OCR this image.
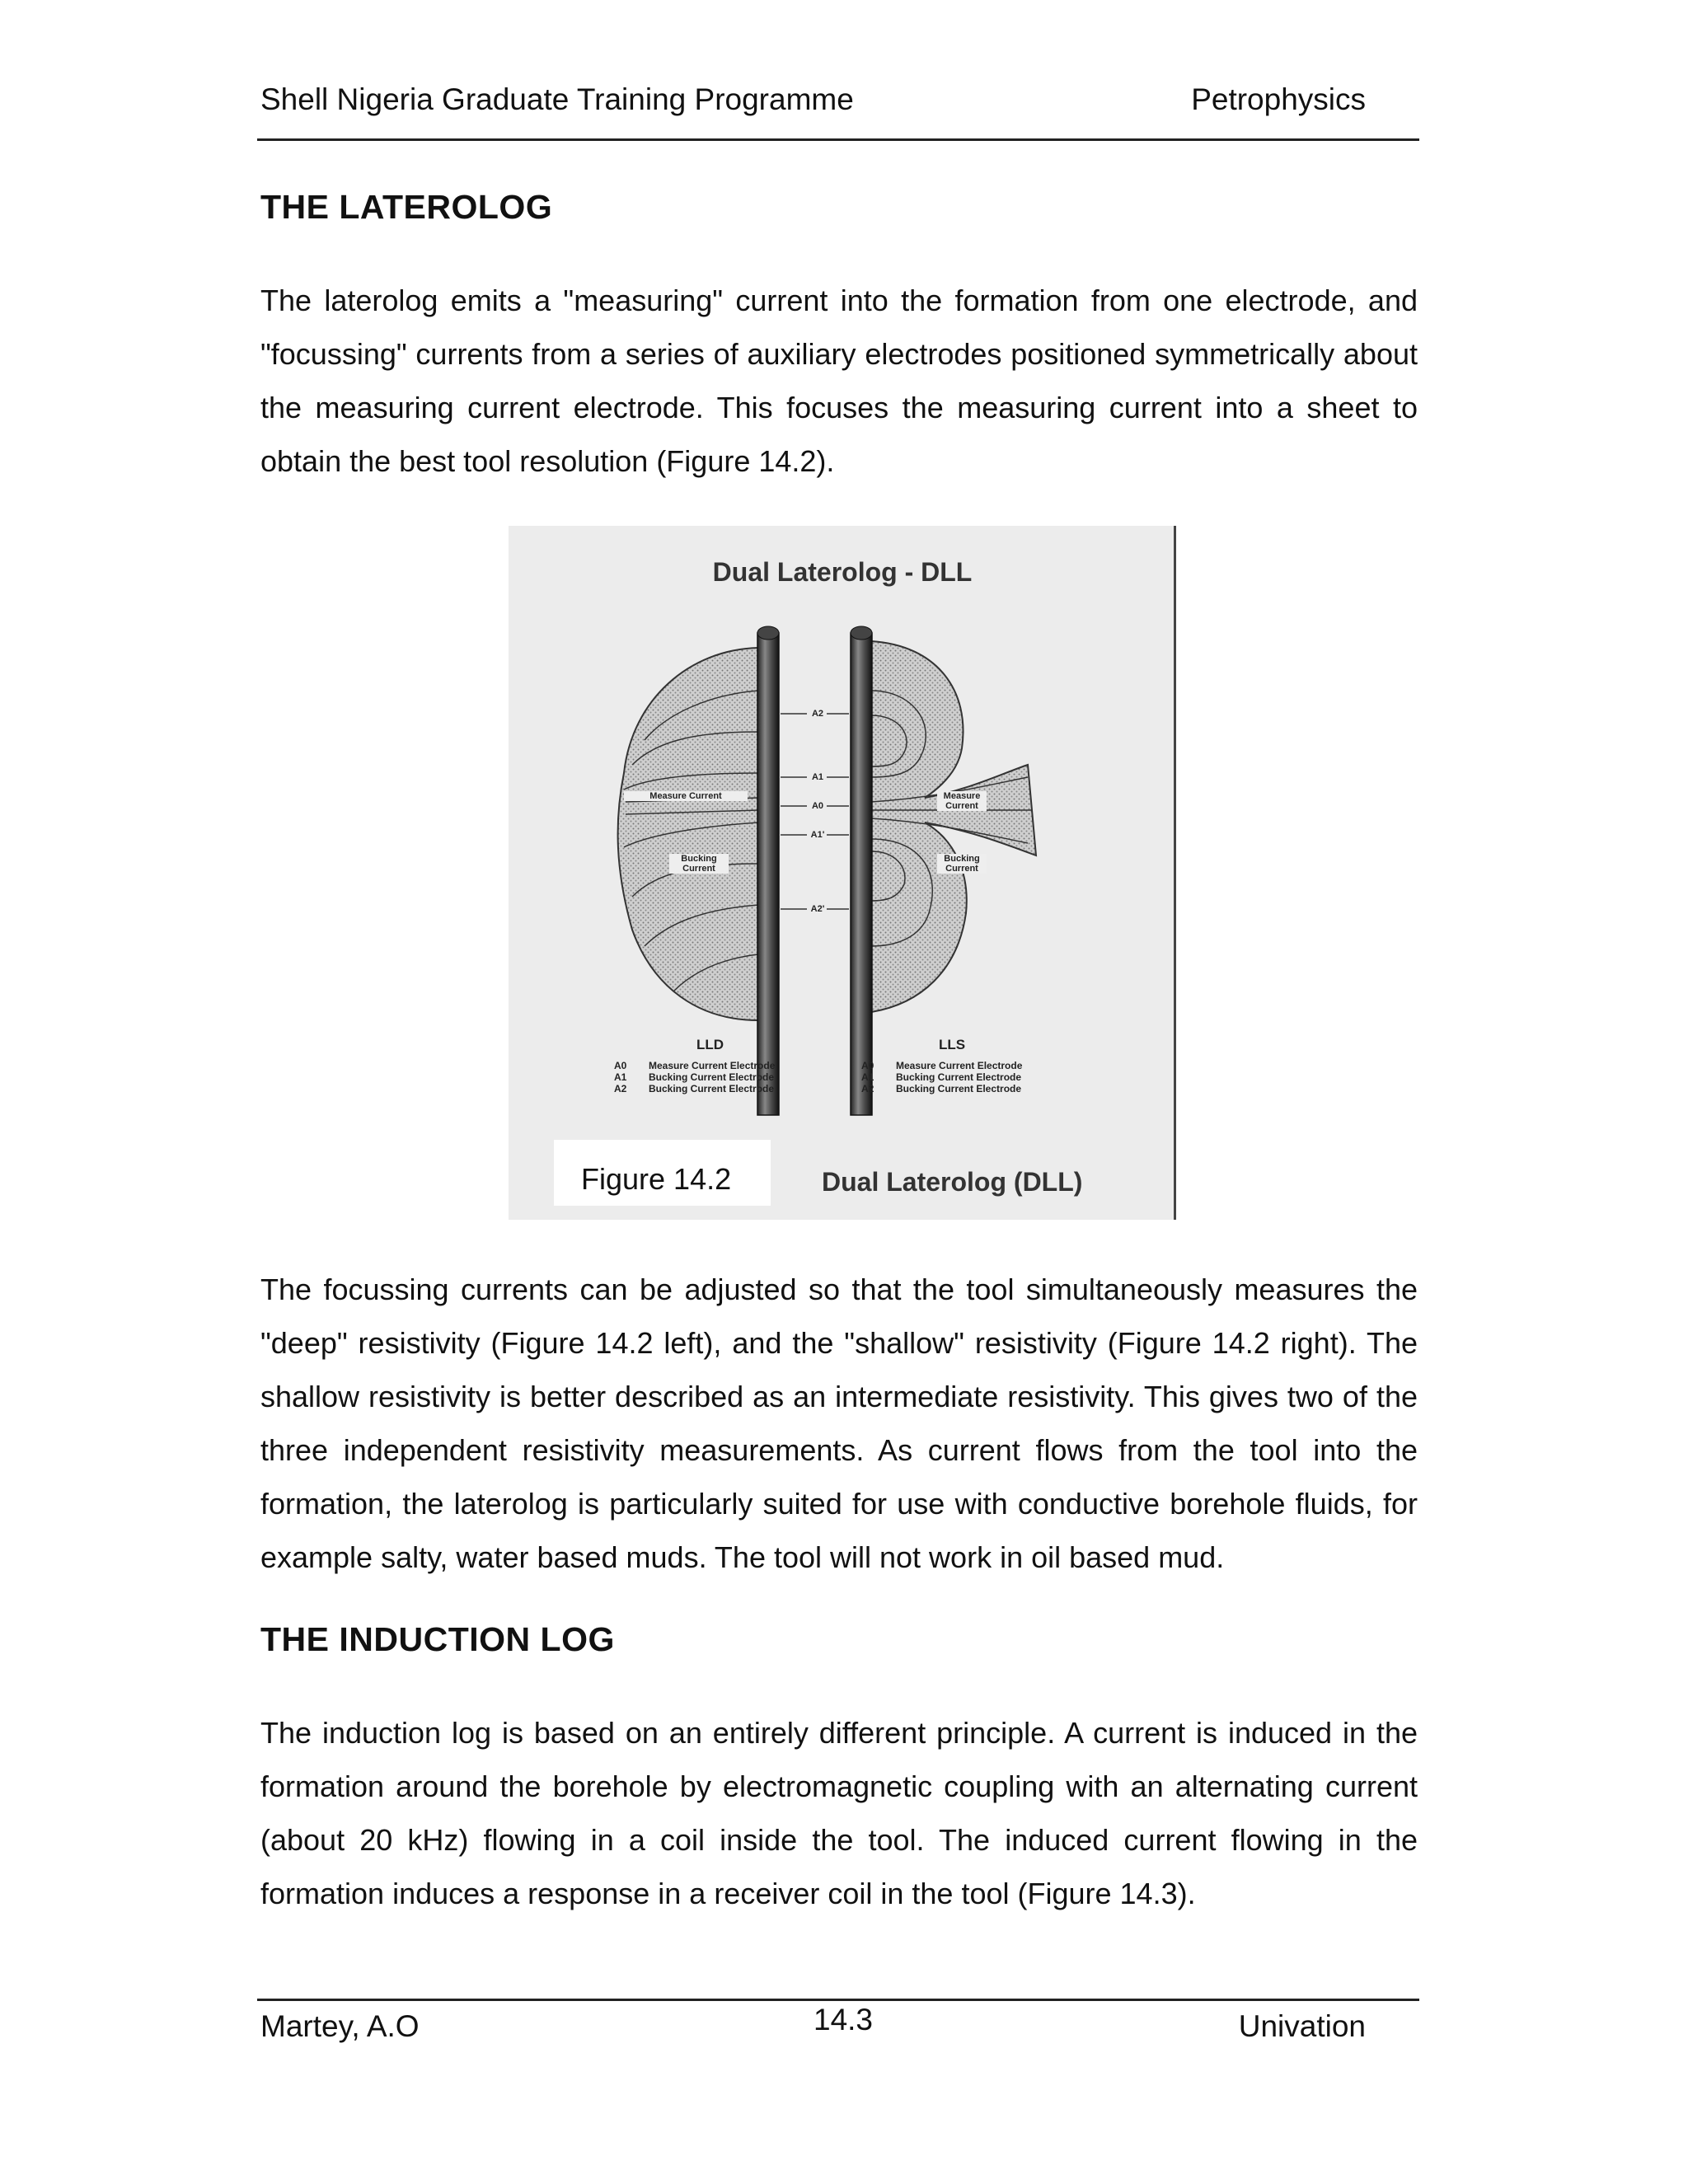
Shell Nigeria Graduate Training Programme	Petrophysics
THE LATEROLOG

The laterolog emits a "measuring" current into the formation from one electrode, and "focussing" currents from a series of auxiliary electrodes positioned symmetrically about the measuring current electrode. This focuses the measuring current into a sheet to obtain the best tool resolution (Figure 14.2).

Dual Laterolog - DLL
A2
A1
A0
A1'
A2'
Measure Current
Bucking Current
Measure Current
Bucking Current
LLD
A0 Measure Current Electrode
A1 Bucking Current Electrode
A2 Bucking Current Electrode
LLS
A0 Measure Current Electrode
A1 Bucking Current Electrode
A2 Bucking Current Electrode
Figure 14.2	Dual Laterolog (DLL)

The focussing currents can be adjusted so that the tool simultaneously measures the "deep" resistivity (Figure 14.2 left), and the "shallow" resistivity (Figure 14.2 right). The shallow resistivity is better described as an intermediate resistivity. This gives two of the three independent resistivity measurements. As current flows from the tool into the formation, the laterolog is particularly suited for use with conductive borehole fluids, for example salty, water based muds. The tool will not work in oil based mud.

THE INDUCTION LOG

The induction log is based on an entirely different principle. A current is induced in the formation around the borehole by electromagnetic coupling with an alternating current (about 20 kHz) flowing in a coil inside the tool. The induced current flowing in the formation induces a response in a receiver coil in the tool (Figure 14.3).

Martey, A.O	14.3	Univation
